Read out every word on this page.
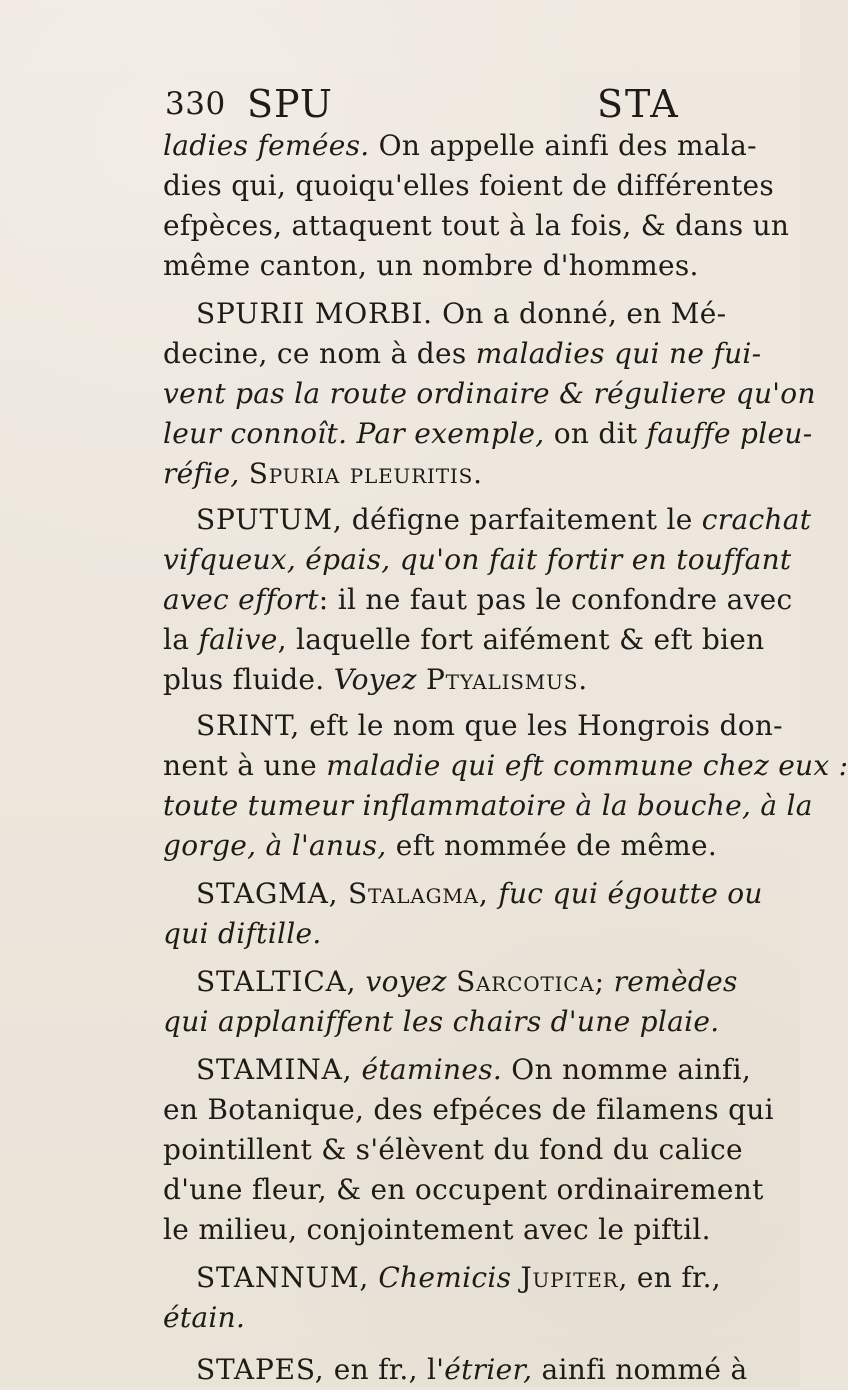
330 SPU	STA
ladies femées. On appelle ainfi des mala-
dies qui, quoiqu'elles foient de différentes
efpèces, attaquent tout à la fois, & dans un
même canton, un nombre d'hommes.
SPURII MORBI. On a donné, en Mé-
decine, ce nom à des maladies qui ne fui-
vent pas la route ordinaire & réguliere qu'on
leur connoît. Par exemple, on dit fauffe pleu-
réfie, Spuria pleuritis.
SPUTUM, défigne parfaitement le crachat
vifqueux, épais, qu'on fait fortir en touffant
avec effort: il ne faut pas le confondre avec
la falive, laquelle fort aifément & eft bien
plus fluide. Voyez Ptyalismus.
SRINT, eft le nom que les Hongrois don-
nent à une maladie qui eft commune chez eux :
toute tumeur inflammatoire à la bouche, à la
gorge, à l'anus, eft nommée de même.
STAGMA, Stalagma, fuc qui égoutte ou
qui diftille.
STALTICA, voyez Sarcotica; remèdes
qui applaniffent les chairs d'une plaie.
STAMINA, étamines. On nomme ainfi,
en Botanique, des efpéces de filamens qui
pointillent & s'élèvent du fond du calice
d'une fleur, & en occupent ordinairement
le milieu, conjointement avec le piftil.
STANNUM, Chemicis Jupiter, en fr.,
étain.
STAPES, en fr., l'étrier, ainfi nommé à
